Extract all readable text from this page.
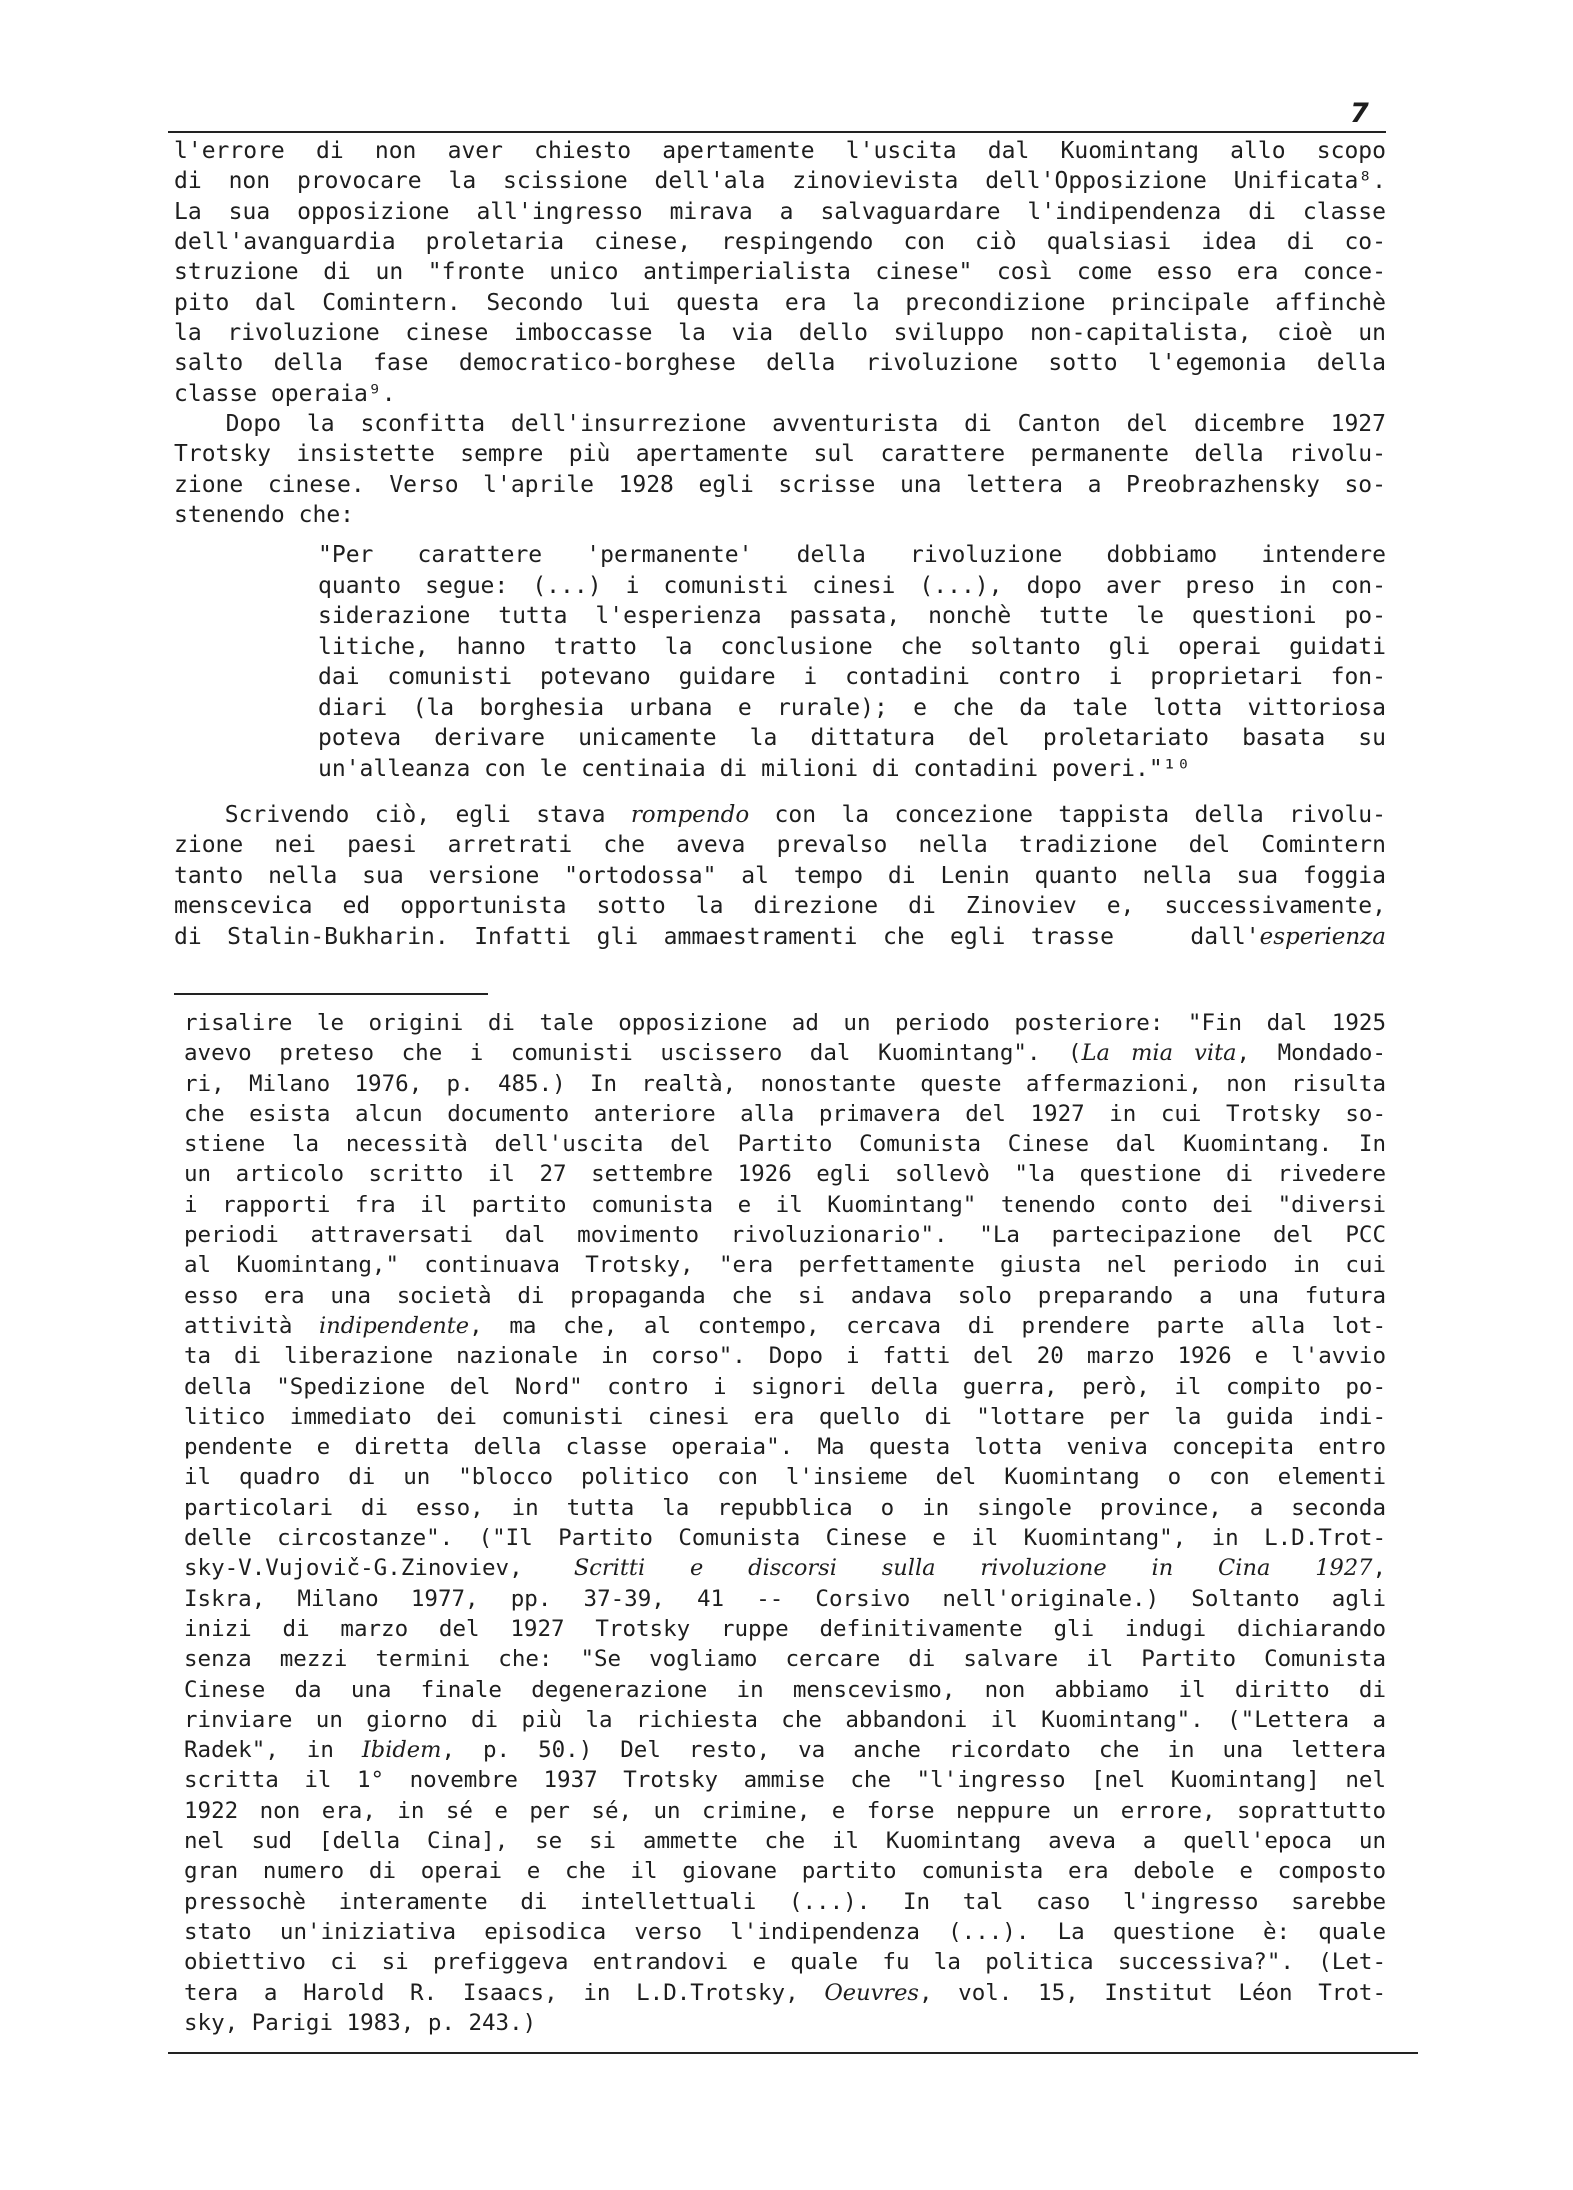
7
l'errore di non aver chiesto apertamente l'uscita dal Kuomintang allo scopo
di non provocare la scissione dell'ala zinovievista dell'Opposizione Unificata⁸.
La sua opposizione all'ingresso mirava a salvaguardare l'indipendenza di classe
dell'avanguardia proletaria cinese, respingendo con ciò qualsiasi idea di co-
struzione di un "fronte unico antimperialista cinese" così come esso era conce-
pito dal Comintern. Secondo lui questa era la precondizione principale affinchè
la rivoluzione cinese imboccasse la via dello sviluppo non-capitalista, cioè un
salto della fase democratico-borghese della rivoluzione sotto l'egemonia della
classe operaia⁹.
Dopo la sconfitta dell'insurrezione avventurista di Canton del dicembre 1927
Trotsky insistette sempre più apertamente sul carattere permanente della rivolu-
zione cinese. Verso l'aprile 1928 egli scrisse una lettera a Preobrazhensky so-
stenendo che:
"Per carattere 'permanente' della rivoluzione dobbiamo intendere
quanto segue: (...) i comunisti cinesi (...), dopo aver preso in con-
siderazione tutta l'esperienza passata, nonchè tutte le questioni po-
litiche, hanno tratto la conclusione che soltanto gli operai guidati
dai comunisti potevano guidare i contadini contro i proprietari fon-
diari (la borghesia urbana e rurale); e che da tale lotta vittoriosa
poteva derivare unicamente la dittatura del proletariato basata su
un'alleanza con le centinaia di milioni di contadini poveri."¹⁰
Scrivendo ciò, egli stava rompendo con la concezione tappista della rivolu-
zione nei paesi arretrati che aveva prevalso nella tradizione del Comintern
tanto nella sua versione "ortodossa" al tempo di Lenin quanto nella sua foggia
menscevica ed opportunista sotto la direzione di Zinoviev e, successivamente,
di Stalin-Bukharin. Infatti gli ammaestramenti che egli trasse   dall'esperienza
risalire le origini di tale opposizione ad un periodo posteriore: "Fin dal 1925
avevo preteso che i comunisti uscissero dal Kuomintang". (La mia vita, Mondado-
ri, Milano 1976, p. 485.) In realtà, nonostante queste affermazioni, non risulta
che esista alcun documento anteriore alla primavera del 1927 in cui Trotsky so-
stiene la necessità dell'uscita del Partito Comunista Cinese dal Kuomintang. In
un articolo scritto il 27 settembre 1926 egli sollevò "la questione di rivedere
i rapporti fra il partito comunista e il Kuomintang" tenendo conto dei "diversi
periodi attraversati dal movimento rivoluzionario". "La partecipazione del PCC
al Kuomintang," continuava Trotsky, "era perfettamente giusta nel periodo in cui
esso era una società di propaganda che si andava solo preparando a una futura
attività indipendente, ma che, al contempo, cercava di prendere parte alla lot-
ta di liberazione nazionale in corso". Dopo i fatti del 20 marzo 1926 e l'avvio
della "Spedizione del Nord" contro i signori della guerra, però, il compito po-
litico immediato dei comunisti cinesi era quello di "lottare per la guida indi-
pendente e diretta della classe operaia". Ma questa lotta veniva concepita entro
il quadro di un "blocco politico con l'insieme del Kuomintang o con elementi
particolari di esso, in tutta la repubblica o in singole province, a seconda
delle circostanze". ("Il Partito Comunista Cinese e il Kuomintang", in L.D.Trot-
sky-V.Vujovič-G.Zinoviev, Scritti e discorsi sulla rivoluzione in Cina 1927,
Iskra, Milano 1977, pp. 37-39, 41 -- Corsivo nell'originale.) Soltanto agli
inizi di marzo del 1927 Trotsky ruppe definitivamente gli indugi dichiarando
senza mezzi termini che: "Se vogliamo cercare di salvare il Partito Comunista
Cinese da una finale degenerazione in menscevismo, non abbiamo il diritto di
rinviare un giorno di più la richiesta che abbandoni il Kuomintang". ("Lettera a
Radek", in Ibidem, p. 50.) Del resto, va anche ricordato che in una lettera
scritta il 1° novembre 1937 Trotsky ammise che "l'ingresso [nel Kuomintang] nel
1922 non era, in sé e per sé, un crimine, e forse neppure un errore, soprattutto
nel sud [della Cina], se si ammette che il Kuomintang aveva a quell'epoca un
gran numero di operai e che il giovane partito comunista era debole e composto
pressochè interamente di intellettuali (...). In tal caso l'ingresso sarebbe
stato un'iniziativa episodica verso l'indipendenza (...). La questione è: quale
obiettivo ci si prefiggeva entrandovi e quale fu la politica successiva?". (Let-
tera a Harold R. Isaacs, in L.D.Trotsky, Oeuvres, vol. 15, Institut Léon Trot-
sky, Parigi 1983, p. 243.)
